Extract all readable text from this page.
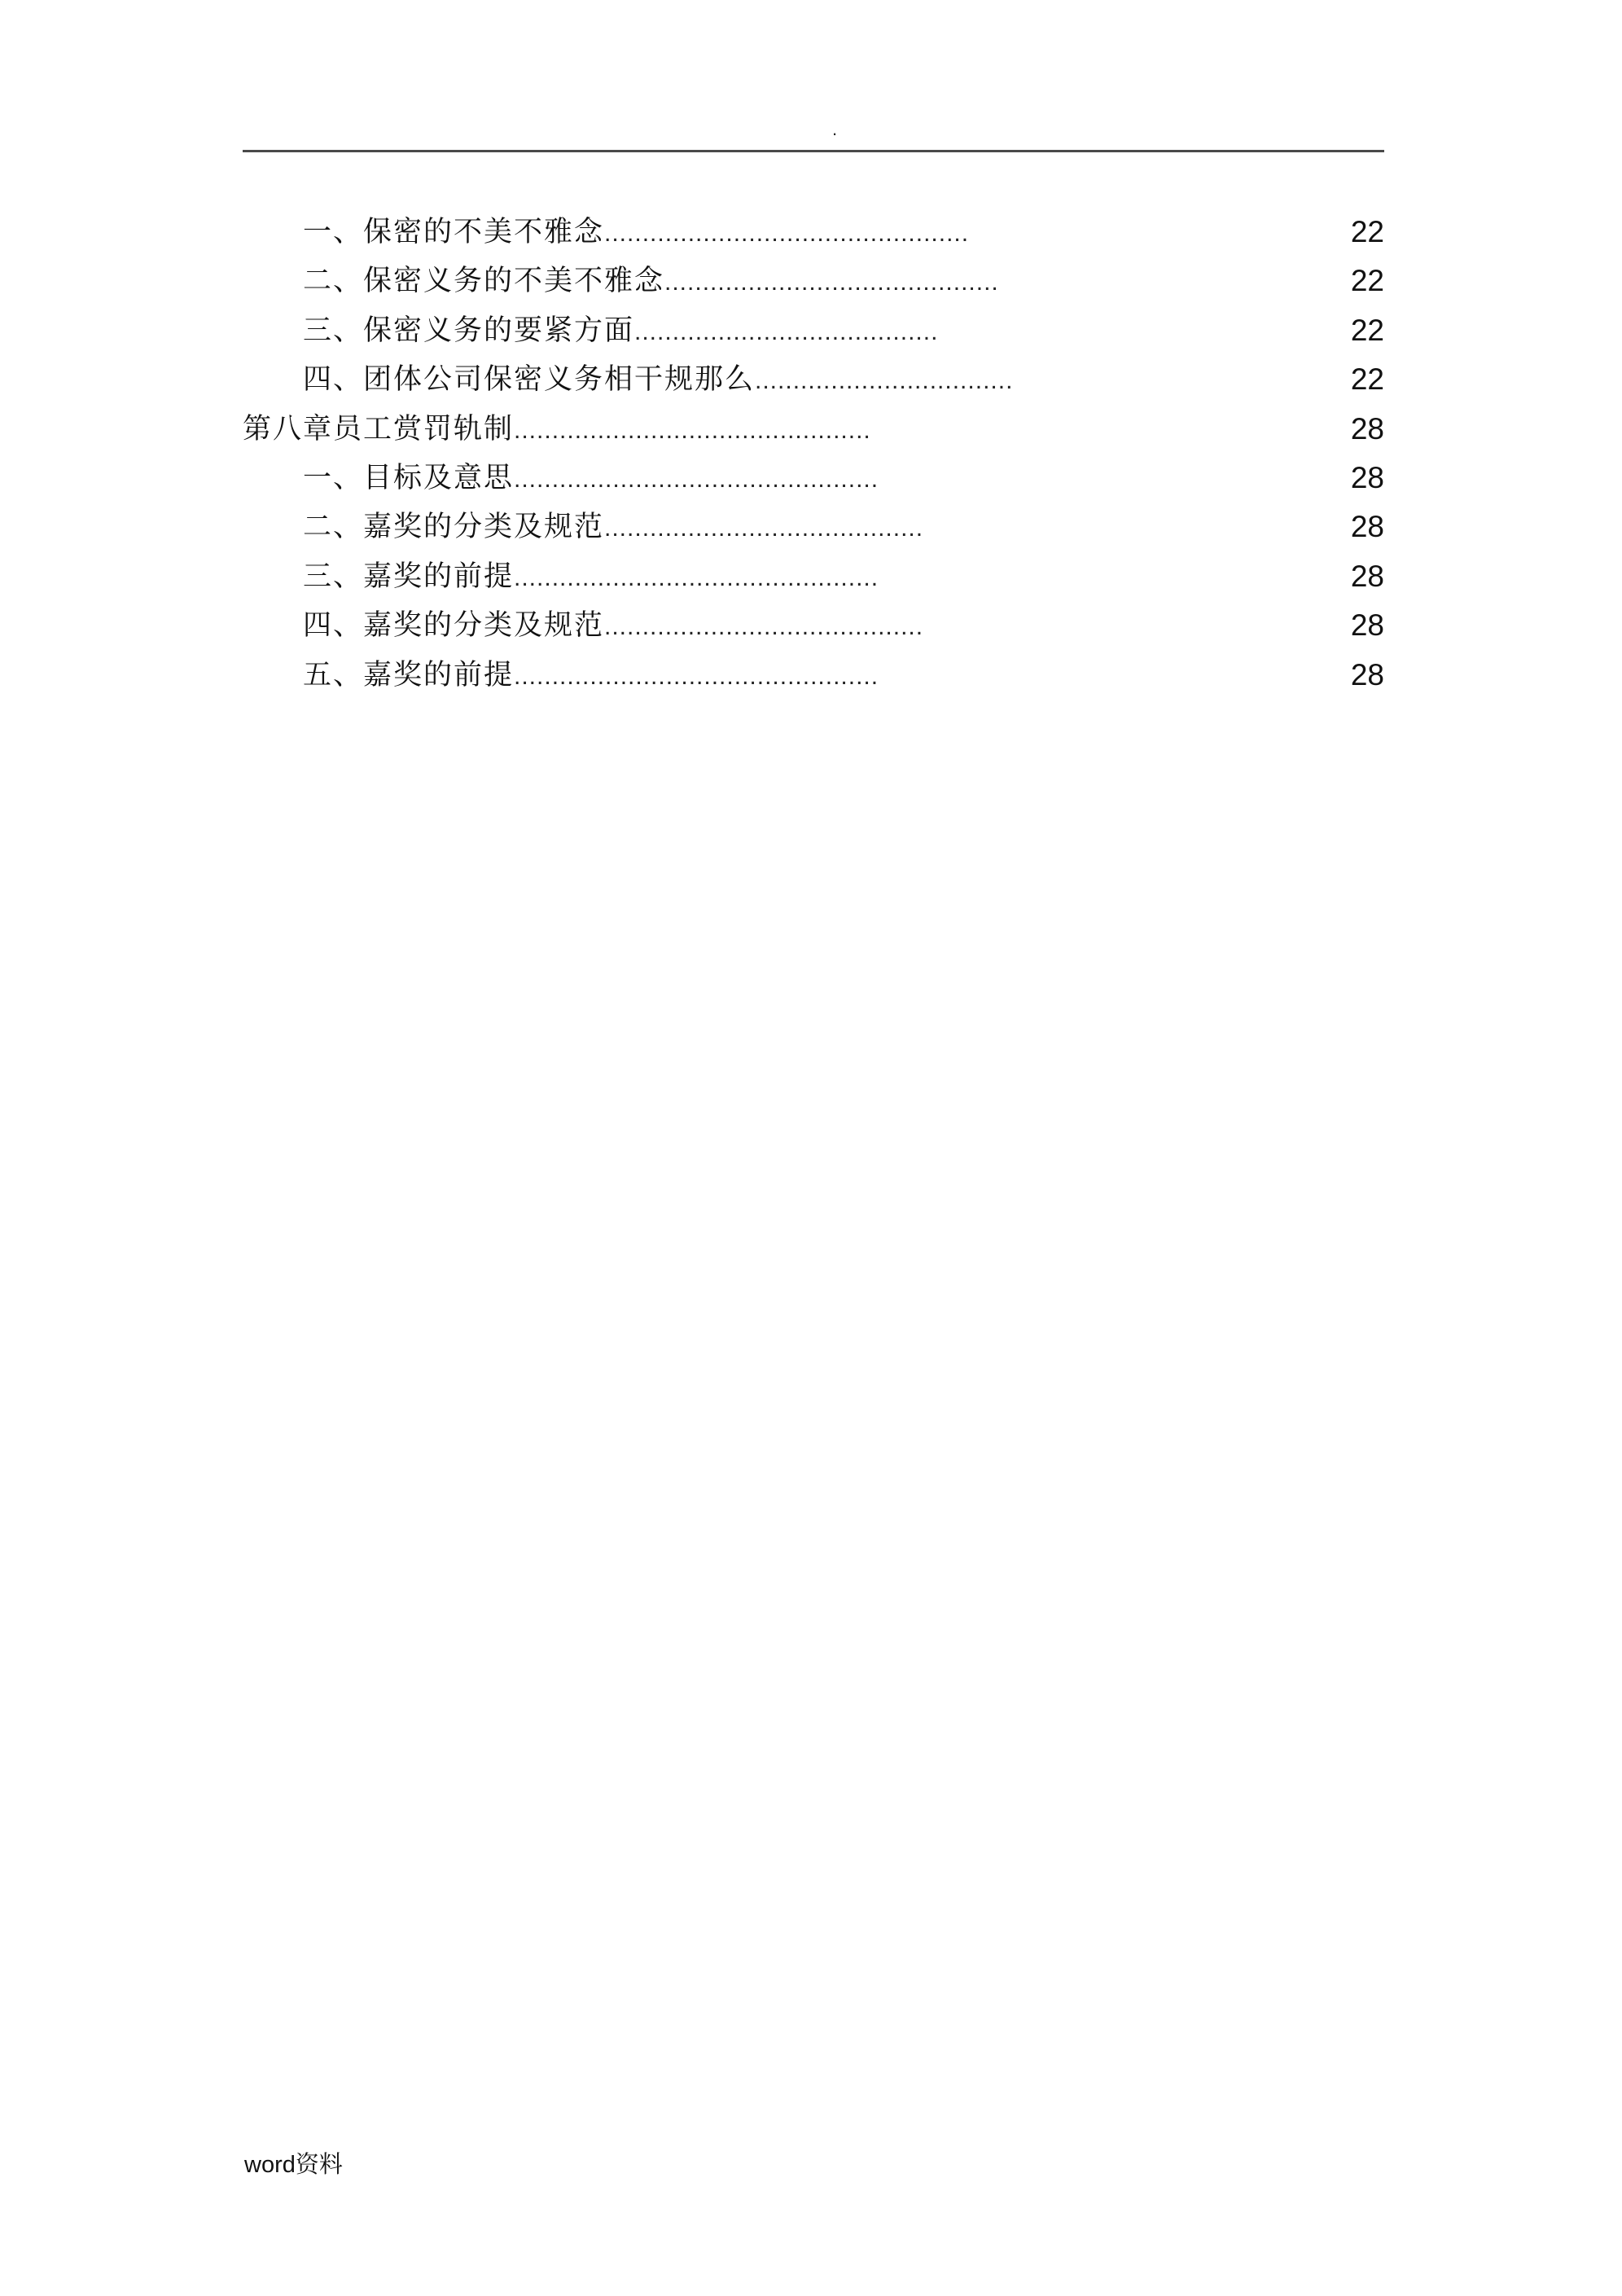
.
一、保密的不美不雅念................................................	22
二、保密义务的不美不雅念............................................	22
三、保密义务的要紧方面........................................	22
四、团体公司保密义务相干规那么..................................	22
第八章员工赏罚轨制...............................................	28
一、目标及意思................................................	28
二、嘉奖的分类及规范..........................................	28
三、嘉奖的前提................................................	28
四、嘉奖的分类及规范..........................................	28
五、嘉奖的前提................................................	28
word资料
